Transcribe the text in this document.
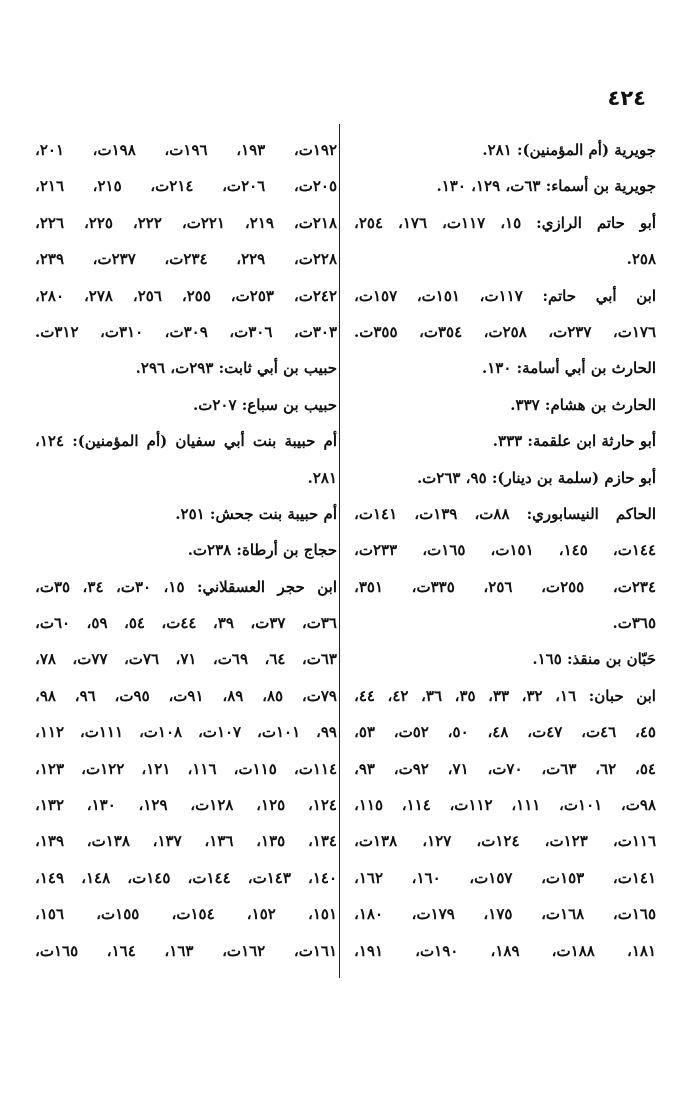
٤٢٤
جويرية (أم المؤمنين): ٢٨١.
جويرية بن أسماء: ٦٣ت، ١٢٩، ١٣٠.
أبو حاتم الرازي: ١٥، ١١٧ت، ١٧٦، ٢٥٤،
٢٥٨.
ابن أبي حاتم: ١١٧ت، ١٥١ت، ١٥٧ت،
١٧٦ت، ٢٣٧ت، ٢٥٨ت، ٣٥٤ت، ٣٥٥ت.
الحارث بن أبي أسامة: ١٣٠.
الحارث بن هشام: ٣٣٧.
أبو حارثة ابن علقمة: ٣٣٣.
أبو حازم (سلمة بن دينار): ٩٥، ٢٦٣ت.
الحاكم النيسابوري: ٨٨ت، ١٣٩ت، ١٤١ت،
١٤٤ت، ١٤٥، ١٥١ت، ١٦٥ت، ٢٣٣ت،
٢٣٤ت، ٢٥٥ت، ٢٥٦، ٣٣٥ت، ٣٥١،
٣٦٥ت.
حَبّان بن منقذ: ١٦٥.
ابن حبان: ١٦، ٣٢، ٣٣، ٣٥، ٣٦، ٤٢، ٤٤،
٤٥، ٤٦ت، ٤٧ت، ٤٨، ٥٠، ٥٢ت، ٥٣،
٥٤، ٦٢، ٦٣ت، ٧٠ت، ٧١، ٩٢ت، ٩٣،
٩٨ت، ١٠١ت، ١١١، ١١٢ت، ١١٤، ١١٥،
١١٦ت، ١٢٣ت، ١٢٤ت، ١٢٧، ١٣٨ت،
١٤١ت، ١٥٣ت، ١٥٧ت، ١٦٠، ١٦٢،
١٦٥ت، ١٦٨ت، ١٧٥، ١٧٩ت، ١٨٠،
١٨١، ١٨٨ت، ١٨٩، ١٩٠ت، ١٩١،
١٩٢ت، ١٩٣، ١٩٦ت، ١٩٨ت، ٢٠١،
٢٠٥ت، ٢٠٦ت، ٢١٤ت، ٢١٥، ٢١٦،
٢١٨ت، ٢١٩، ٢٢١ت، ٢٢٢، ٢٢٥، ٢٢٦،
٢٢٨ت، ٢٢٩، ٢٣٤ت، ٢٣٧ت، ٢٣٩،
٢٤٢ت، ٢٥٣ت، ٢٥٥، ٢٥٦، ٢٧٨، ٢٨٠،
٣٠٣ت، ٣٠٦ت، ٣٠٩ت، ٣١٠ت، ٣١٢ت.
حبيب بن أبي ثابت: ٢٩٣ت، ٢٩٦.
حبيب بن سباع: ٢٠٧ت.
أم حبيبة بنت أبي سفيان (أم المؤمنين): ١٢٤،
٢٨١.
أم حبيبة بنت جحش: ٢٥١.
حجاج بن أرطاة: ٢٣٨ت.
ابن حجر العسقلاني: ١٥، ٣٠ت، ٣٤، ٣٥ت،
٣٦ت، ٣٧ت، ٣٩، ٤٤ت، ٥٤، ٥٩، ٦٠ت،
٦٣ت، ٦٤، ٦٩ت، ٧١، ٧٦ت، ٧٧ت، ٧٨،
٧٩ت، ٨٥، ٨٩، ٩١ت، ٩٥ت، ٩٦، ٩٨،
٩٩، ١٠١ت، ١٠٧ت، ١٠٨ت، ١١١ت، ١١٢،
١١٤ت، ١١٥ت، ١١٦، ١٢١، ١٢٢ت، ١٢٣،
١٢٤، ١٢٥، ١٢٨ت، ١٢٩، ١٣٠، ١٣٢،
١٣٤، ١٣٥، ١٣٦، ١٣٧، ١٣٨ت، ١٣٩،
١٤٠، ١٤٣ت، ١٤٤ت، ١٤٥ت، ١٤٨، ١٤٩،
١٥١، ١٥٢، ١٥٤ت، ١٥٥ت، ١٥٦،
١٦١ت، ١٦٢ت، ١٦٣، ١٦٤، ١٦٥ت،
